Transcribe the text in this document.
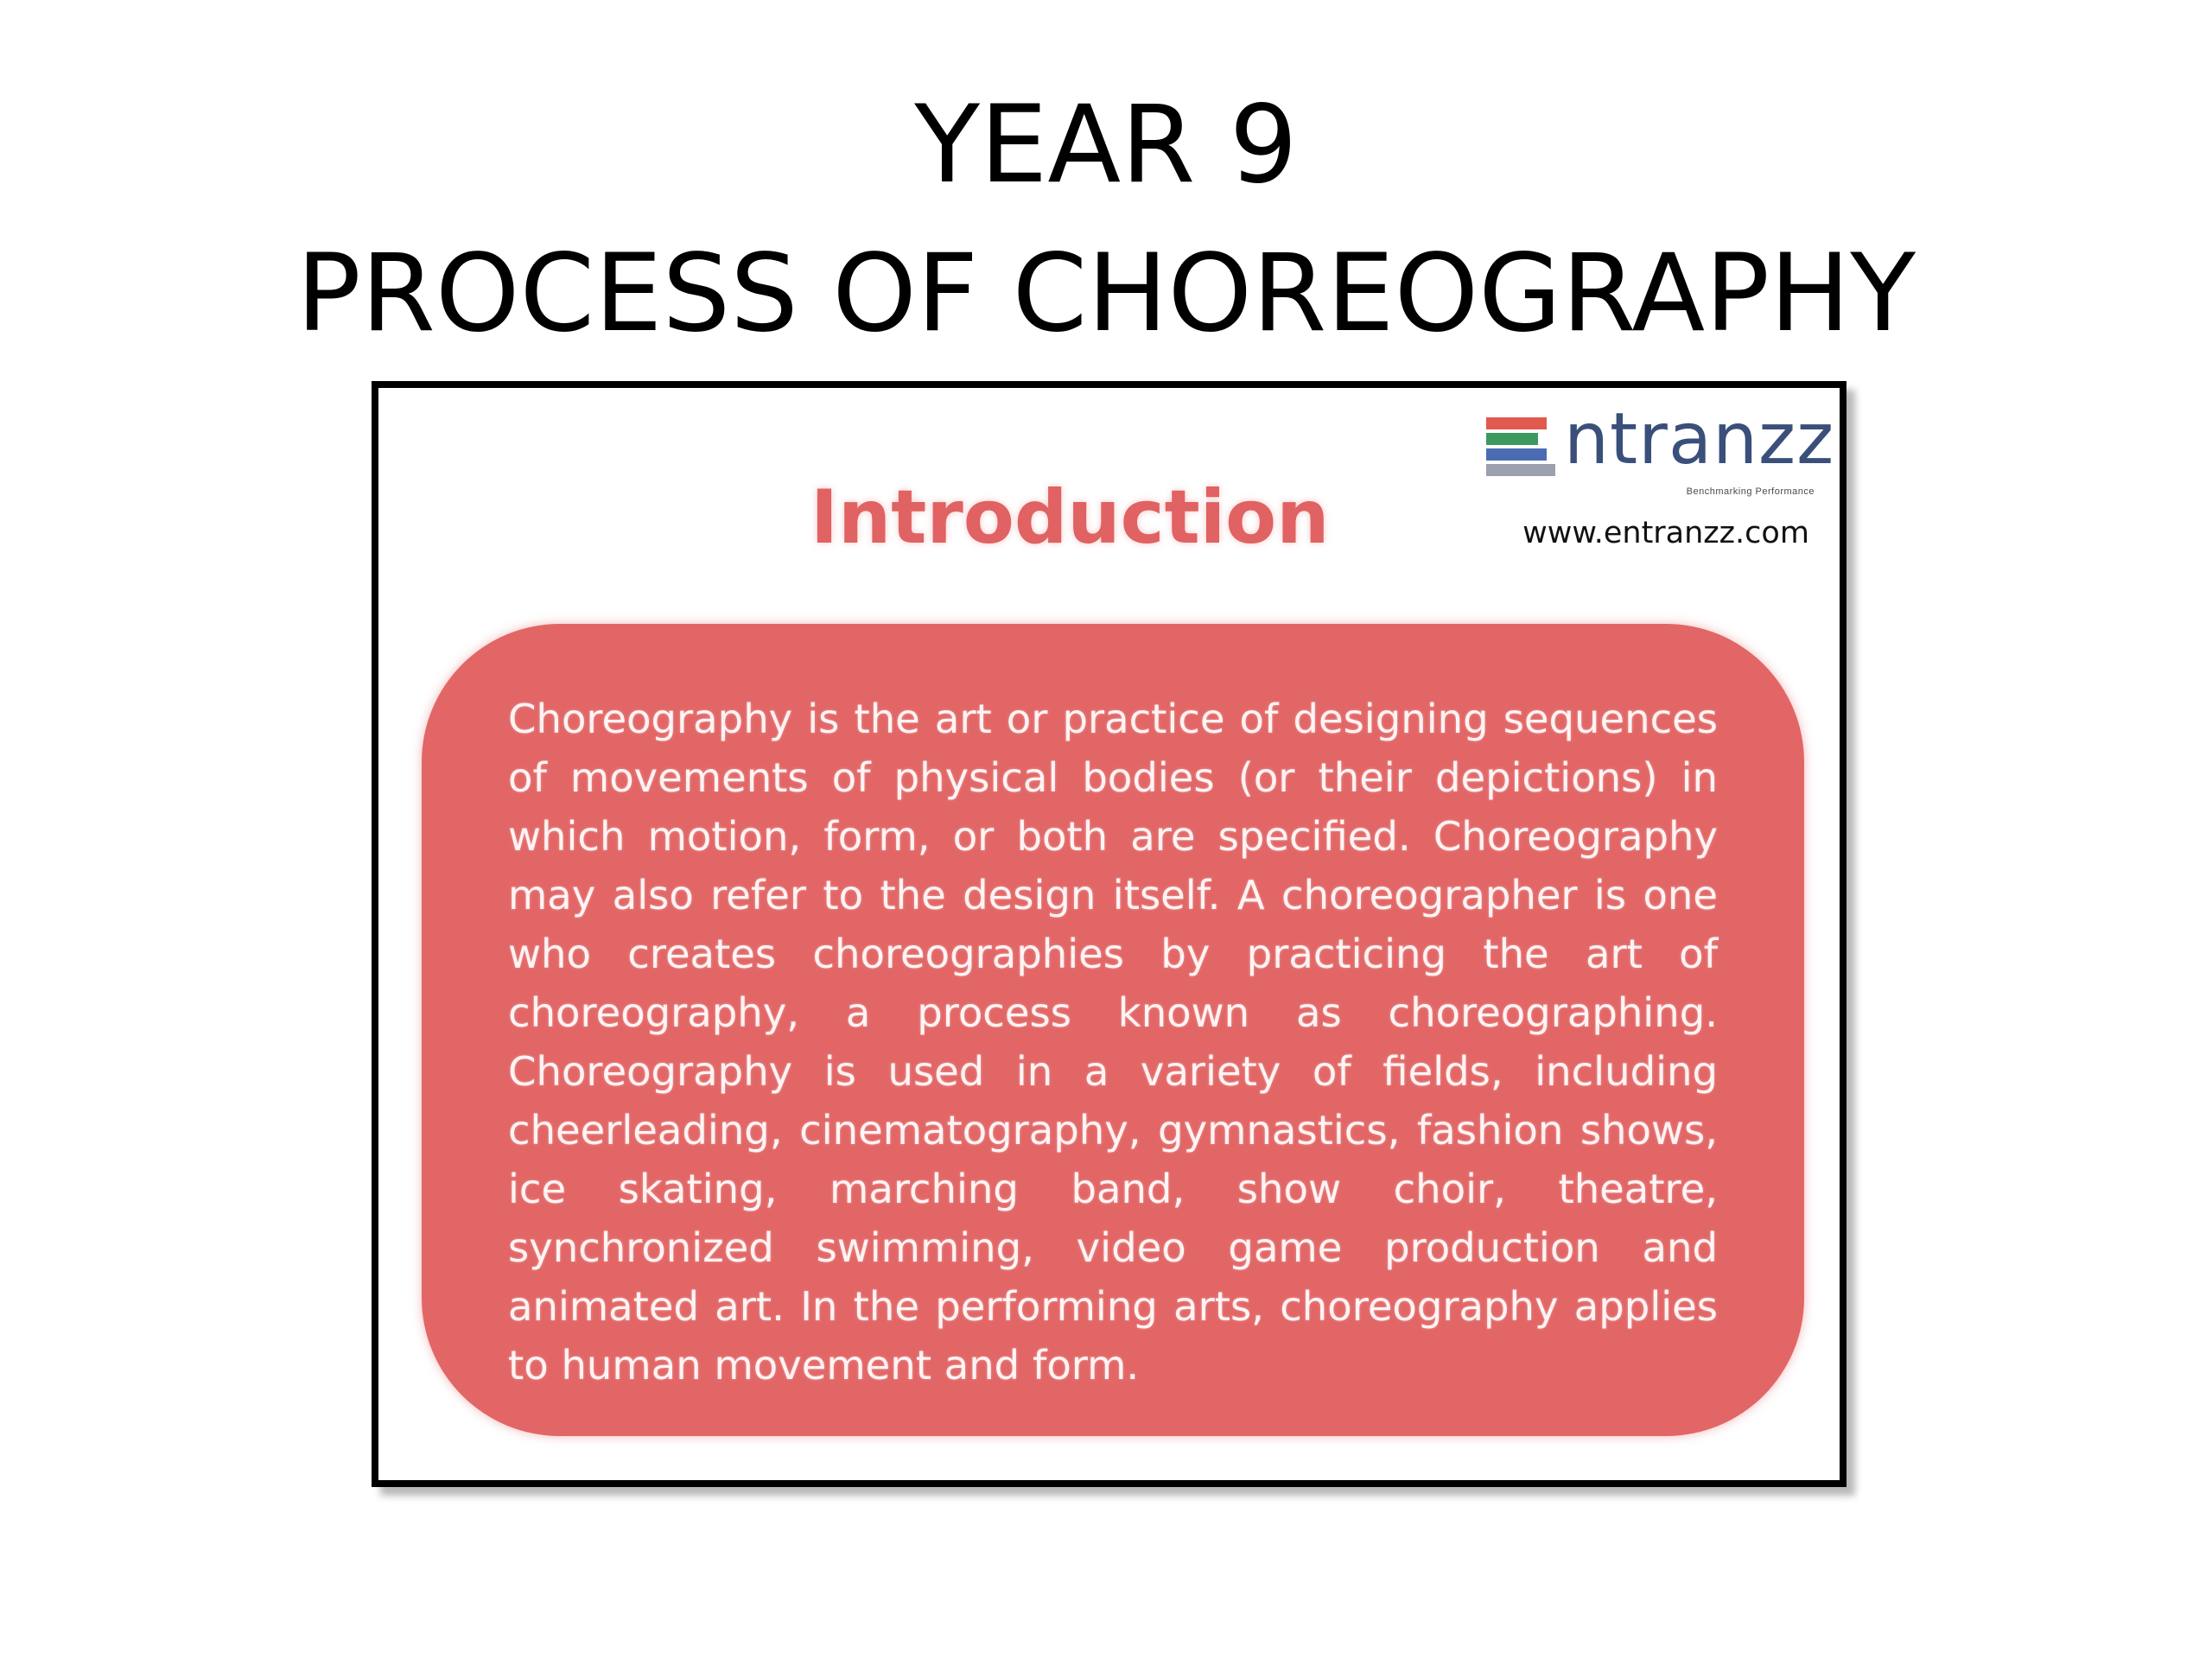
YEAR 9
PROCESS OF CHOREOGRAPHY
ntranzz
Benchmarking Performance
www.entranzz.com
Introduction

Choreography is the art or practice of designing sequences of movements of physical bodies (or their depictions) in which motion, form, or both are specified. Choreography may also refer to the design itself. A choreographer is one who creates choreographies by practicing the art of choreography, a process known as choreographing. Choreography is used in a variety of fields, including cheerleading, cinematography, gymnastics, fashion shows, ice skating, marching band, show choir, theatre, synchronized swimming, video game production and animated art. In the performing arts, choreography applies to human movement and form.
